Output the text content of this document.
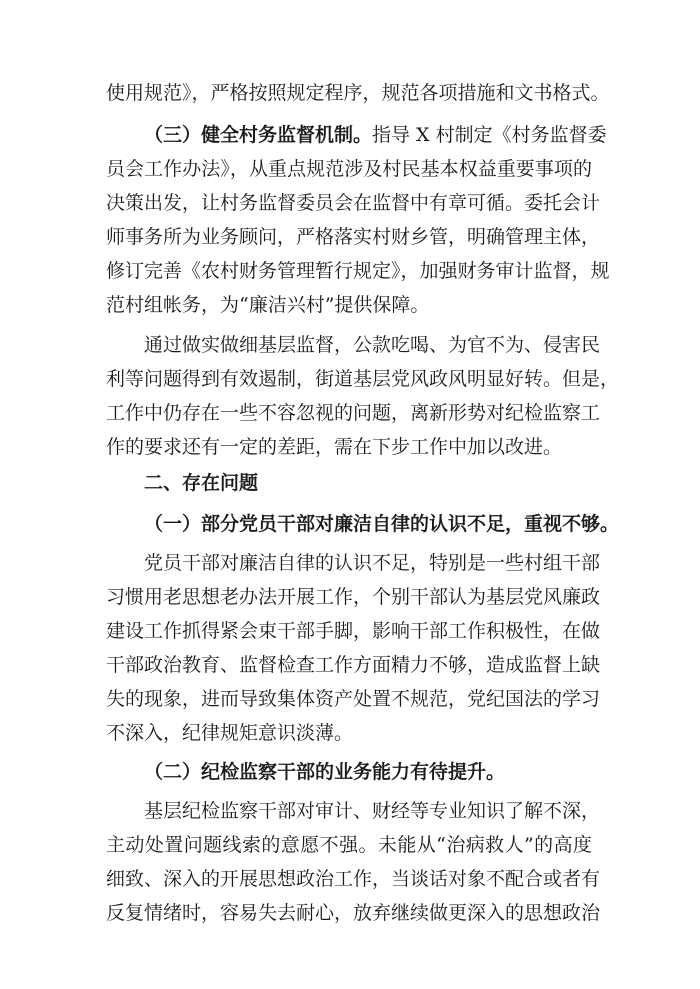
使用规范》，严格按照规定程序，规范各项措施和文书格式。
（三）健全村务监督机制。指导 X 村制定《村务监督委
员会工作办法》，从重点规范涉及村民基本权益重要事项的
决策出发，让村务监督委员会在监督中有章可循。委托会计
师事务所为业务顾问，严格落实村财乡管，明确管理主体，
修订完善《农村财务管理暂行规定》，加强财务审计监督，规
范村组帐务，为“廉洁兴村”提供保障。
通过做实做细基层监督，公款吃喝、为官不为、侵害民
利等问题得到有效遏制，街道基层党风政风明显好转。但是，
工作中仍存在一些不容忽视的问题，离新形势对纪检监察工
作的要求还有一定的差距，需在下步工作中加以改进。
二、存在问题
（一）部分党员干部对廉洁自律的认识不足，重视不够。
党员干部对廉洁自律的认识不足，特别是一些村组干部
习惯用老思想老办法开展工作，个别干部认为基层党风廉政
建设工作抓得紧会束干部手脚，影响干部工作积极性，在做
干部政治教育、监督检查工作方面精力不够，造成监督上缺
失的现象，进而导致集体资产处置不规范，党纪国法的学习
不深入，纪律规矩意识淡薄。
（二）纪检监察干部的业务能力有待提升。
基层纪检监察干部对审计、财经等专业知识了解不深，
主动处置问题线索的意愿不强。未能从“治病救人”的高度
细致、深入的开展思想政治工作，当谈话对象不配合或者有
反复情绪时，容易失去耐心，放弃继续做更深入的思想政治
